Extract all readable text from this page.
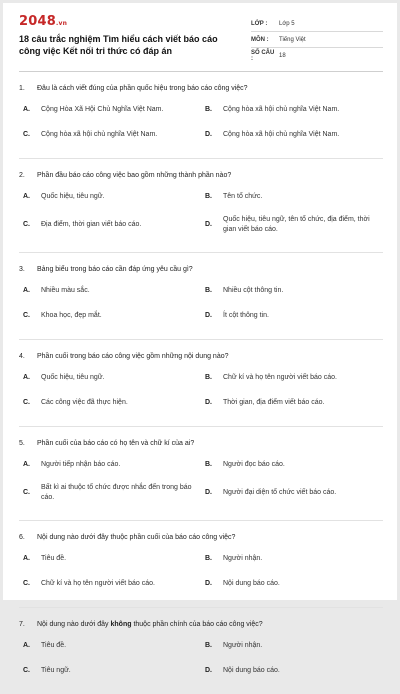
2048.vn
18 câu trắc nghiệm Tìm hiểu cách viết báo cáo công việc Kết nối tri thức có đáp án
LỚP :	Lớp 5
MÔN :	Tiếng Việt
SỐ CÂU :	18
1.	Đâu là cách viết đúng của phần quốc hiệu trong báo cáo công việc?
A.	Cộng Hòa Xã Hội Chủ Nghĩa Việt Nam.	B.	Cộng hòa xã hội chủ nghĩa Việt Nam.
C.	Cộng hòa xã hội chủ nghĩa Việt Nam.	D.	Cộng hòa xã hội chủ nghĩa Việt Nam.
2.	Phần đầu báo cáo công việc bao gồm những thành phần nào?
A.	Quốc hiệu, tiêu ngữ.	B.	Tên tổ chức.
C.	Địa điểm, thời gian viết báo cáo.	D.
Quốc hiệu, tiêu ngữ, tên tổ chức, địa điểm, thời gian viết báo cáo.
3.	Bảng biểu trong báo cáo cần đáp ứng yêu cầu gì?
A.	Nhiều màu sắc.	B.	Nhiều cột thông tin.
C.	Khoa học, đẹp mắt.	D.	Ít cột thông tin.
4.	Phần cuối trong báo cáo công việc gồm những nội dung nào?
A.	Quốc hiệu, tiêu ngữ.	B.	Chữ kí và họ tên người viết báo cáo.
C.	Các công việc đã thực hiện.	D.	Thời gian, địa điểm viết báo cáo.
5.	Phần cuối của báo cáo có họ tên và chữ kí của ai?
A.	Người tiếp nhận báo cáo.	B.	Người đọc báo cáo.
C.
Bất kì ai thuộc tổ chức được nhắc đến trong báo cáo.
D.	Người đại diện tổ chức viết báo cáo.
6.	Nội dung nào dưới đây thuộc phần cuối của báo cáo công việc?
A.	Tiêu đề.	B.	Người nhận.
C.	Chữ kí và họ tên người viết báo cáo.	D.	Nội dung báo cáo.
7.	Nội dung nào dưới đây không thuộc phần chính của báo cáo công việc?
A.	Tiêu đề.	B.	Người nhận.
C.	Tiêu ngữ.	D.	Nội dung báo cáo.
